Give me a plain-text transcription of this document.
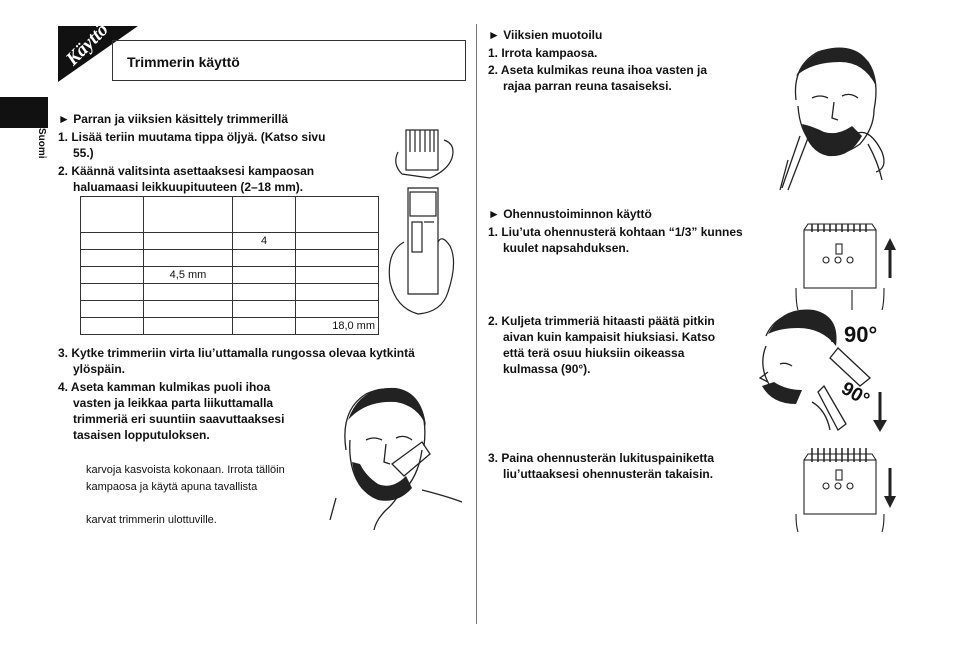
Suomi
Käyttö Trimmerin käyttö
► Parran ja viiksien käsittely trimmerillä
1. Lisää teriin muutama tippa öljyä. (Katso sivu
55.)
2. Käännä valitsinta asettaaksesi kampaosan
haluamaasi leikkuupituuteen (2–18 mm).

		4	

	4,5 mm		

			18,0 mm
3. Kytke trimmeriin virta liu’uttamalla rungossa olevaa kytkintä
ylöspäin.
4. Aseta kamman kulmikas puoli ihoa
vasten ja leikkaa parta liikuttamalla
trimmeriä eri suuntiin saavuttaaksesi
tasaisen lopputuloksen.
karvoja kasvoista kokonaan. Irrota tällöin
kampaosa ja käytä apuna tavallista
karvat trimmerin ulottuville.
► Viiksien muotoilu
1. Irrota kampaosa.
2. Aseta kulmikas reuna ihoa vasten ja
rajaa parran reuna tasaiseksi.
► Ohennustoiminnon käyttö
1. Liu’uta ohennusterä kohtaan “1/3” kunnes
kuulet napsahduksen.
2. Kuljeta trimmeriä hitaasti päätä pitkin
aivan kuin kampaisit hiuksiasi. Katso
että terä osuu hiuksiin oikeassa
kulmassa (90°).
90°
90°
3. Paina ohennusterän lukituspainiketta
liu’uttaaksesi ohennusterän takaisin.
